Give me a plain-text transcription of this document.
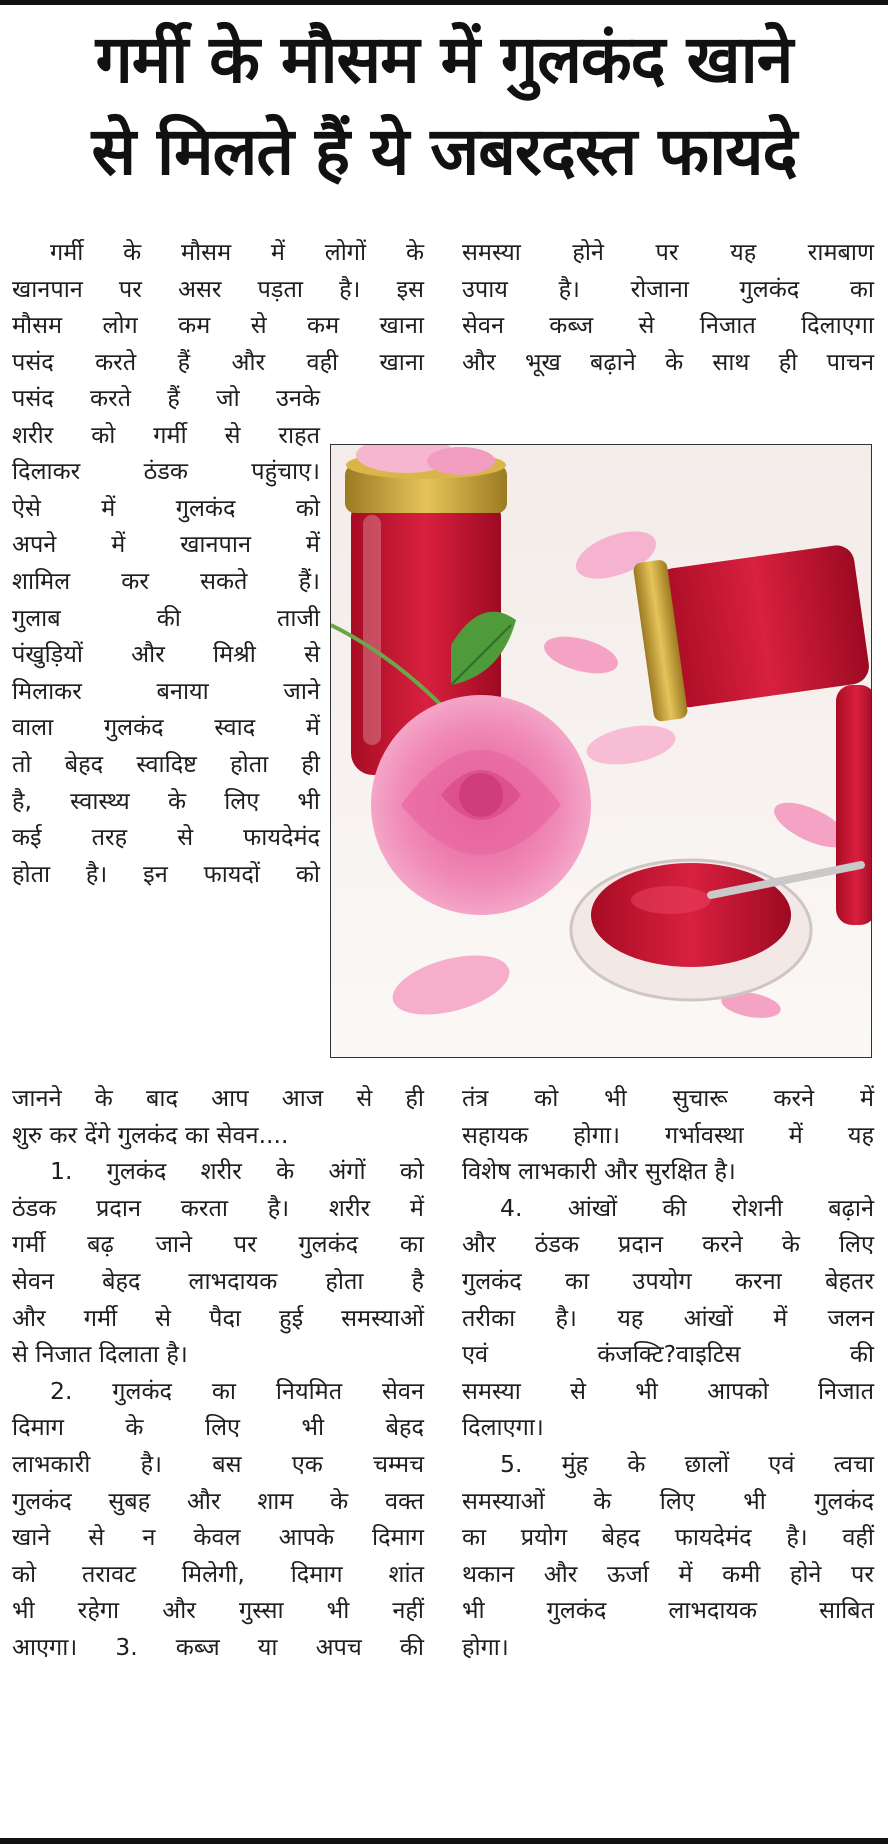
गर्मी के मौसम में गुलकंद खाने
से मिलते हैं ये जबरदस्त फायदे

गर्मी के मौसम में लोगों के

खानपान पर असर पड़ता है। इस

मौसम लोग कम से कम खाना

पसंद करते हैं और वही खाना

पसंद करते हैं जो उनके

शरीर को गर्मी से राहत

दिलाकर ठंडक पहुंचाए।

ऐसे में गुलकंद को

अपने में खानपान में

शामिल कर सकते हैं।

गुलाब की ताजी

पंखुड़ियों और मिश्री से

मिलाकर बनाया जाने

वाला गुलकंद स्वाद में

तो बेहद स्वादिष्ट होता ही

है, स्वास्थ्य के लिए भी

कई तरह से फायदेमंद

होता है। इन फायदों को

जानने के बाद आप आज से ही

शुरु कर देंगे गुलकंद का सेवन....

1. गुलकंद शरीर के अंगों को

ठंडक प्रदान करता है। शरीर में

गर्मी बढ़ जाने पर गुलकंद का

सेवन बेहद लाभदायक होता है

और गर्मी से पैदा हुई समस्याओं

से निजात दिलाता है।

2. गुलकंद का नियमित सेवन

दिमाग के लिए भी बेहद

लाभकारी है। बस एक चम्मच

गुलकंद सुबह और शाम के वक्त

खाने से न केवल आपके दिमाग

को तरावट मिलेगी, दिमाग शांत

भी रहेगा और गुस्सा भी नहीं

आएगा। 3. कब्ज या अपच की

समस्या होने पर यह रामबाण

उपाय है। रोजाना गुलकंद का

सेवन कब्ज से निजात दिलाएगा

और भूख बढ़ाने के साथ ही पाचन

तंत्र को भी सुचारू करने में

सहायक होगा। गर्भावस्था में यह

विशेष लाभकारी और सुरक्षित है।

4. आंखों की रोशनी बढ़ाने

और ठंडक प्रदान करने के लिए

गुलकंद का उपयोग करना बेहतर

तरीका है। यह आंखों में जलन

एवं कंजक्टि?वाइटिस की

समस्या से भी आपको निजात

दिलाएगा।

5. मुंह के छालों एवं त्वचा

समस्याओं के लिए भी गुलकंद

का प्रयोग बेहद फायदेमंद है। वहीं

थकान और ऊर्जा में कमी होने पर

भी गुलकंद लाभदायक साबित

होगा।
